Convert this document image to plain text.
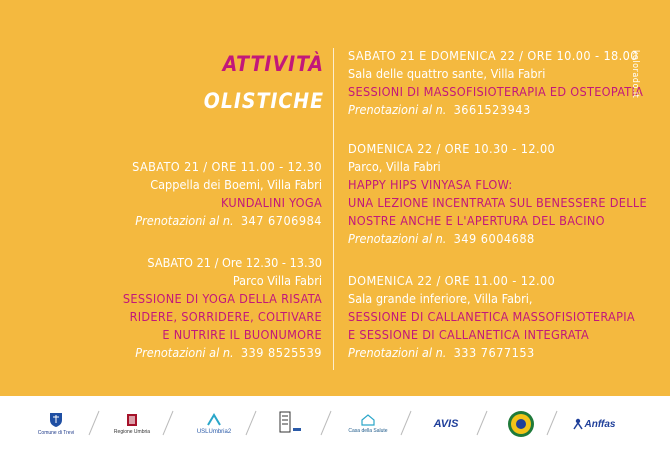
ATTIVITÀ
OLISTICHE
SABATO 21 / ORE 11.00 - 12.30
Cappella dei Boemi, Villa Fabri
KUNDALINI YOGA
Prenotazioni al n. 347 6706984
SABATO 21 / Ore 12.30 - 13.30
Parco Villa Fabri
SESSIONE DI YOGA DELLA RISATA
RIDERE, SORRIDERE, COLTIVARE
E NUTRIRE IL BUONUMORE
Prenotazioni al n. 339 8525539
SABATO 21 E DOMENICA 22 / ORE 10.00 - 18.00
Sala delle quattro sante, Villa Fabri
SESSIONI DI MASSOFISIOTERAPIA ED OSTEOPATIA
Prenotazioni al n. 3661523943
DOMENICA 22 / ORE 10.30 - 12.00
Parco, Villa Fabri
HAPPY HIPS VINYASA FLOW:
UNA LEZIONE INCENTRATA SUL BENESSERE DELLE
NOSTRE ANCHE E L'APERTURA DEL BACINO
Prenotazioni al n. 349 6004688
DOMENICA 22 / ORE 11.00 - 12.00
Sala grande inferiore, Villa Fabri,
SESSIONE DI CALLANETICA MASSOFISIOTERAPIA
E SESSIONE DI CALLANETICA INTEGRATA
Prenotazioni al n. 333 7677153
kolorado.it
Comune di Trevi	Regione Umbria	USLUmbria2	Casa della Salute
AVIS	Anffas
